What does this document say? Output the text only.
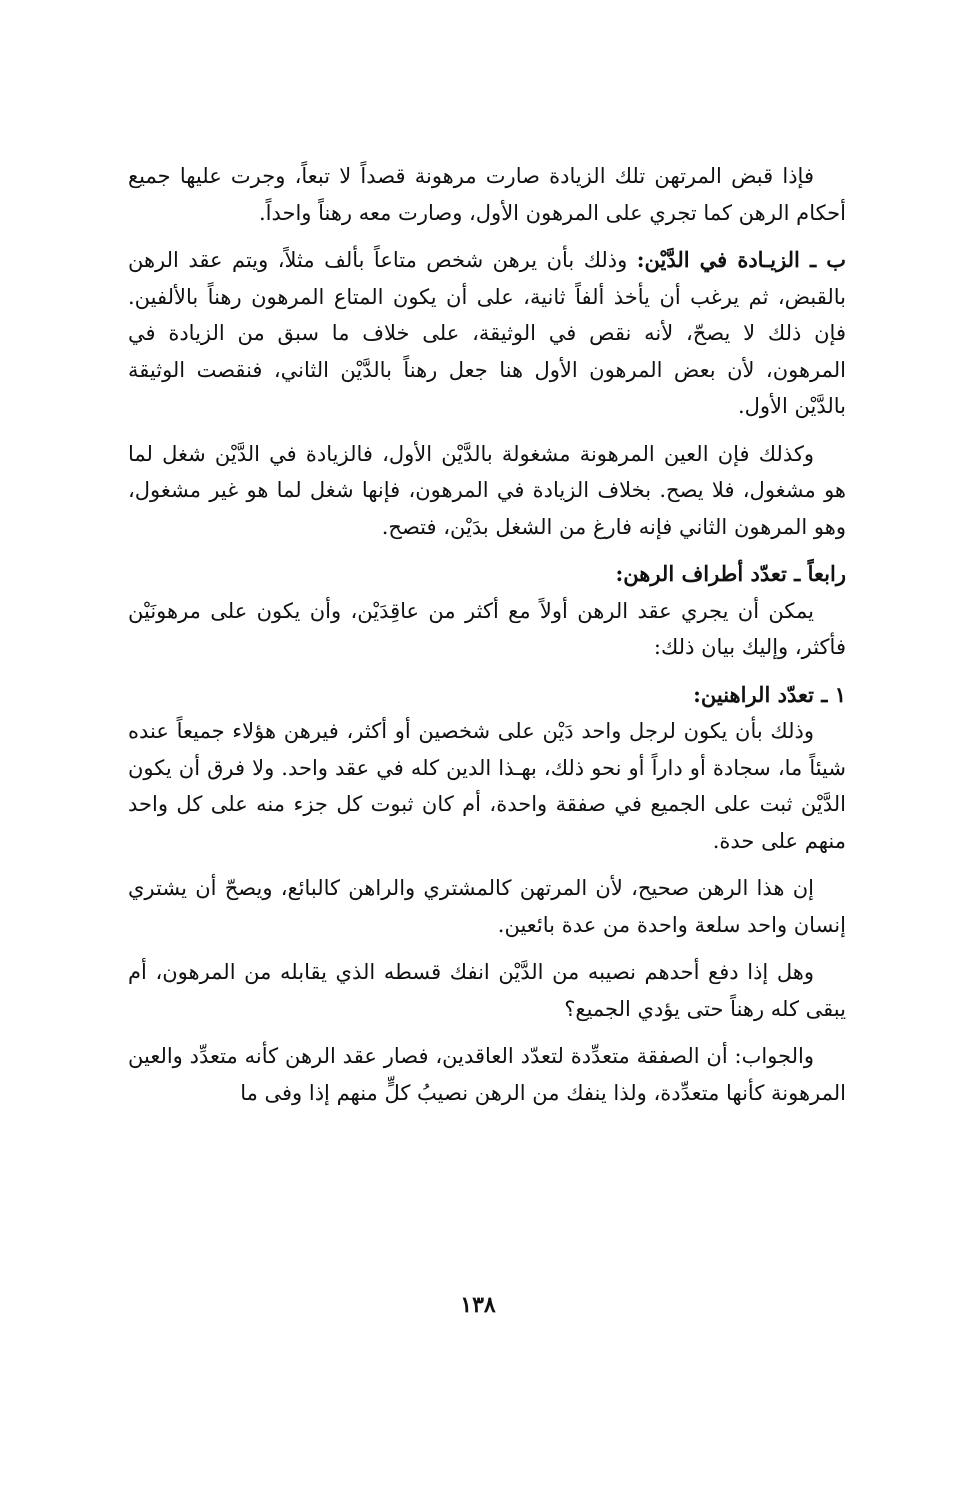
فإذا قبض المرتهن تلك الزيادة صارت مرهونة قصداً لا تبعاً، وجرت عليها جميع أحكام الرهن كما تجري على المرهون الأول، وصارت معه رهناً واحداً.

ب ـ الزيـادة في الدَّيْن: وذلك بأن يرهن شخص متاعاً بألف مثلاً، ويتم عقد الرهن بالقبض، ثم يرغب أن يأخذ ألفاً ثانية، على أن يكون المتاع المرهون رهناً بالألفين. فإن ذلك لا يصحّ، لأنه نقص في الوثيقة، على خلاف ما سبق من الزيادة في المرهون، لأن بعض المرهون الأول هنا جعل رهناً بالدَّيْن الثاني، فنقصت الوثيقة بالدَّيْن الأول.

وكذلك فإن العين المرهونة مشغولة بالدَّيْن الأول، فالزيادة في الدَّيْن شغل لما هو مشغول، فلا يصح. بخلاف الزيادة في المرهون، فإنها شغل لما هو غير مشغول، وهو المرهون الثاني فإنه فارغ من الشغل بدَيْن، فتصح.

رابعاً ـ تعدّد أطراف الرهن:

يمكن أن يجري عقد الرهن أولاً مع أكثر من عاقِدَيْن، وأن يكون على مرهونَيْن فأكثر، وإليك بيان ذلك:

١ ـ تعدّد الراهنين:

وذلك بأن يكون لرجل واحد دَيْن على شخصين أو أكثر، فيرهن هؤلاء جميعاً عنده شيئاً ما، سجادة أو داراً أو نحو ذلك، بهـذا الدين كله في عقد واحد. ولا فرق أن يكون الدَّيْن ثبت على الجميع في صفقة واحدة، أم كان ثبوت كل جزء منه على كل واحد منهم على حدة.

إن هذا الرهن صحيح، لأن المرتهن كالمشتري والراهن كالبائع، ويصحّ أن يشتري إنسان واحد سلعة واحدة من عدة بائعين.

وهل إذا دفع أحدهم نصيبه من الدَّيْن انفك قسطه الذي يقابله من المرهون، أم يبقى كله رهناً حتى يؤدي الجميع؟

والجواب: أن الصفقة متعدِّدة لتعدّد العاقدين، فصار عقد الرهن كأنه متعدِّد والعين المرهونة كأنها متعدِّدة، ولذا ينفك من الرهن نصيبُ كلٍّ منهم إذا وفى ما

١٣٨
